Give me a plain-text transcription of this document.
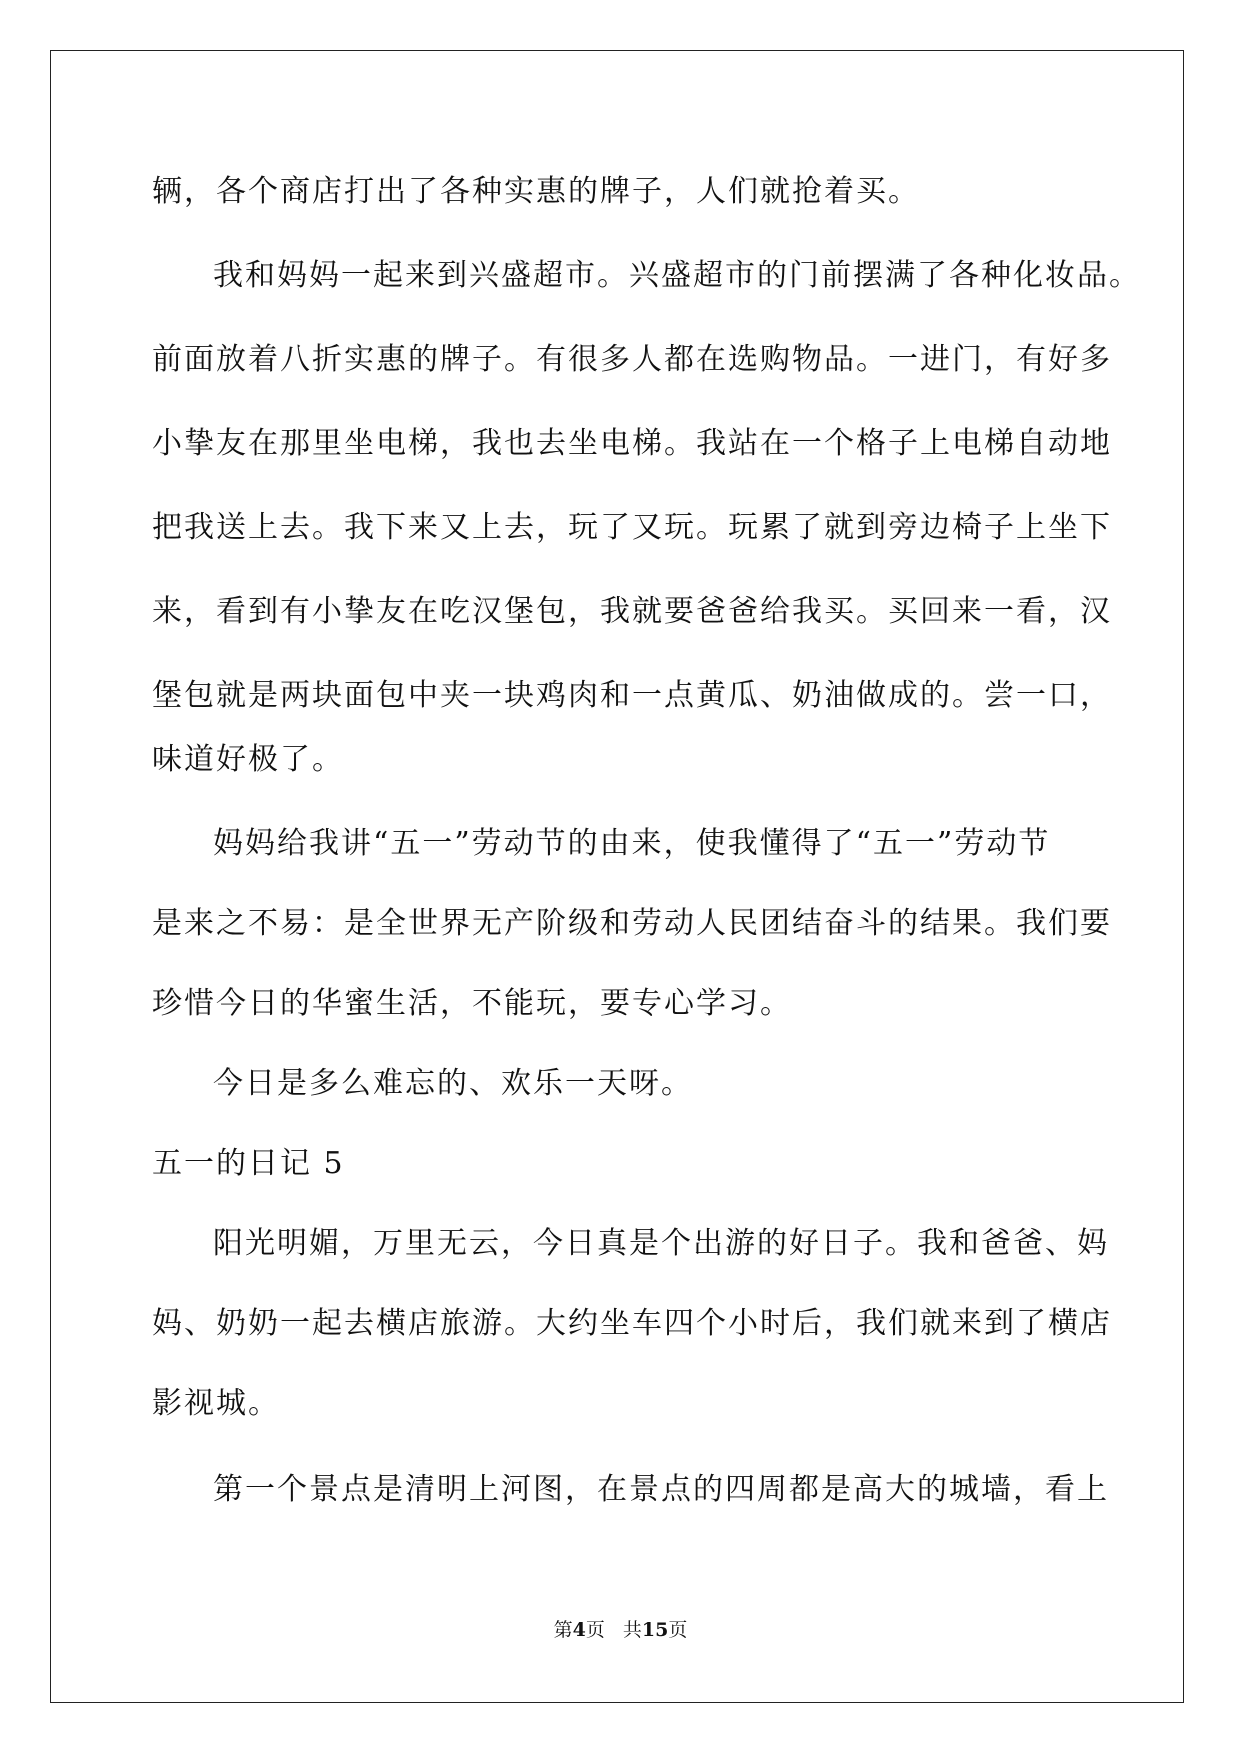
辆，各个商店打出了各种实惠的牌子，人们就抢着买。
我和妈妈一起来到兴盛超市。兴盛超市的门前摆满了各种化妆品。
前面放着八折实惠的牌子。有很多人都在选购物品。一进门，有好多
小挚友在那里坐电梯，我也去坐电梯。我站在一个格子上电梯自动地
把我送上去。我下来又上去，玩了又玩。玩累了就到旁边椅子上坐下
来，看到有小挚友在吃汉堡包，我就要爸爸给我买。买回来一看，汉
堡包就是两块面包中夹一块鸡肉和一点黄瓜、奶油做成的。尝一口，
味道好极了。
妈妈给我讲“五一”劳动节的由来，使我懂得了“五一”劳动节
是来之不易：是全世界无产阶级和劳动人民团结奋斗的结果。我们要
珍惜今日的华蜜生活，不能玩，要专心学习。
今日是多么难忘的、欢乐一天呀。
五一的日记 5
阳光明媚，万里无云，今日真是个出游的好日子。我和爸爸、妈
妈、奶奶一起去横店旅游。大约坐车四个小时后，我们就来到了横店
影视城。
第一个景点是清明上河图，在景点的四周都是高大的城墙，看上
第4页 共15页
